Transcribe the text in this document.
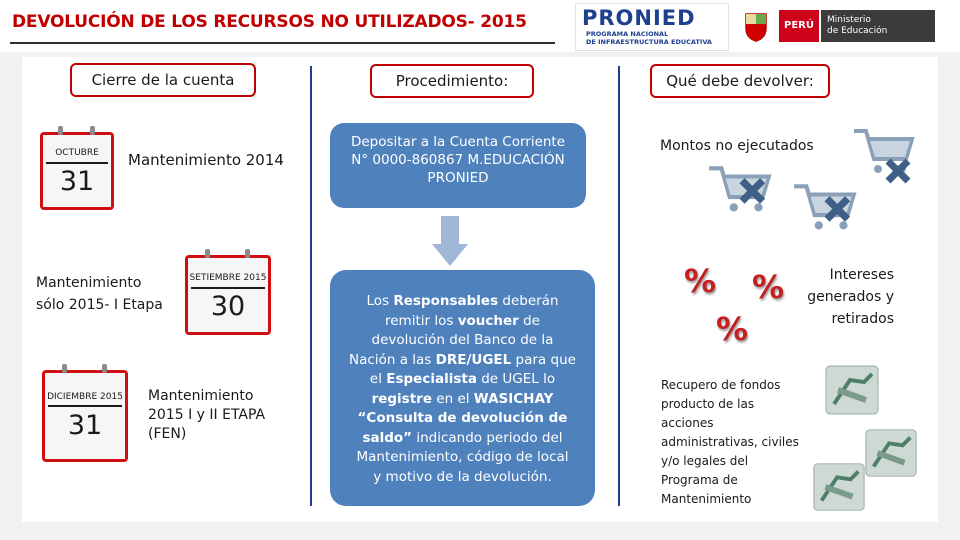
DEVOLUCIÓN DE LOS RECURSOS NO UTILIZADOS- 2015	PRONIED
PROGRAMA NACIONAL
DE INFRAESTRUCTURA EDUCATIVA
PERÚ	Ministerio
de Educación
Cierre de la cuenta
OCTUBRE
31
Mantenimiento 2014
SETIEMBRE 2015
30
Mantenimiento
sólo 2015- I Etapa
DICIEMBRE 2015
31
Mantenimiento
2015 I y II ETAPA
(FEN)
Procedimiento:
Depositar a la Cuenta Corriente
N° 0000-860867 M.EDUCACIÓN
PRONIED
Los Responsables deberán
remitir los voucher de
devolución del Banco de la
Nación a las DRE/UGEL para que
el Especialista de UGEL lo
registre en el WASICHAY
“Consulta de devolución de
saldo” indicando periodo del
Mantenimiento, código de local
y motivo de la devolución.
Qué debe devolver:
Montos no ejecutados
% %
%
Intereses
generados y
retirados
Recupero de fondos
producto de las
acciones
administrativas, civiles
y/o legales del
Programa de
Mantenimiento
